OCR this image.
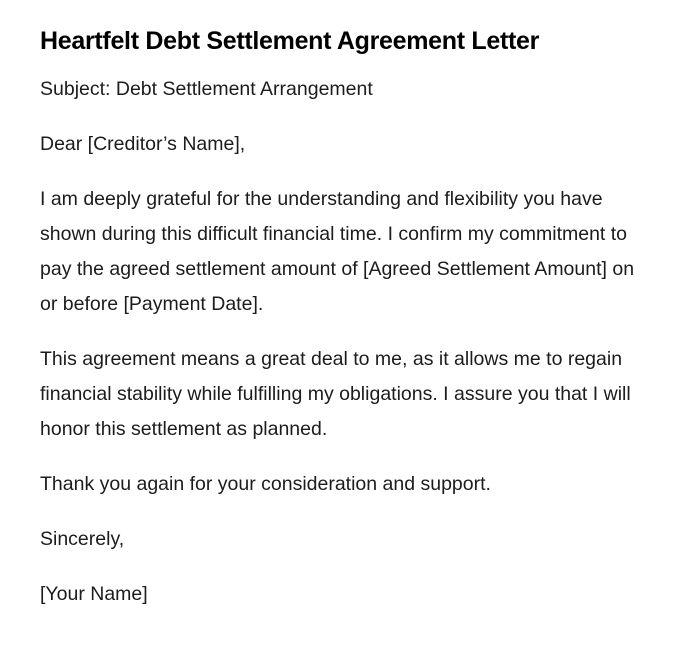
Heartfelt Debt Settlement Agreement Letter

Subject: Debt Settlement Arrangement

Dear [Creditor’s Name],

I am deeply grateful for the understanding and flexibility you have shown during this difficult financial time. I confirm my commitment to pay the agreed settlement amount of [Agreed Settlement Amount] on or before [Payment Date].

This agreement means a great deal to me, as it allows me to regain financial stability while fulfilling my obligations. I assure you that I will honor this settlement as planned.

Thank you again for your consideration and support.

Sincerely,

[Your Name]
